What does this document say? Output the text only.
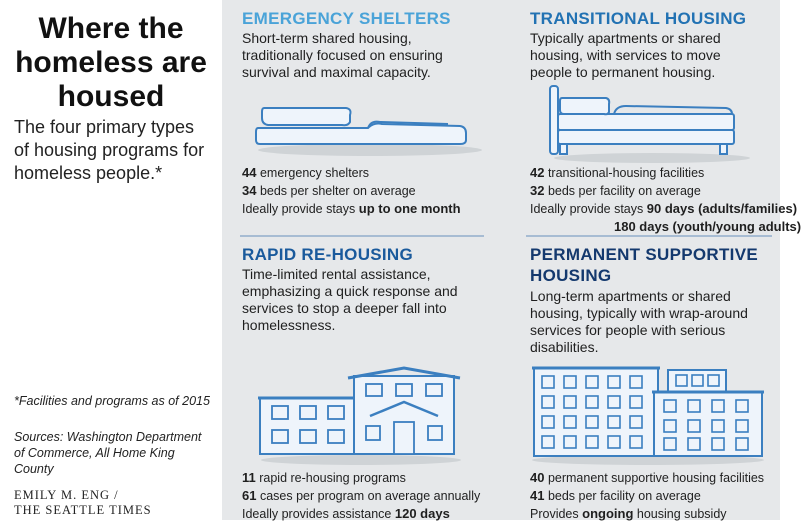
Where the homeless are housed
The four primary types of housing programs for homeless people.*
*Facilities and programs as of 2015
Sources: Washington Department of Commerce, All Home King County
EMILY M. ENG /
THE SEATTLE TIMES
EMERGENCY SHELTERS
Short-term shared housing, traditionally focused on ensuring survival and maximal capacity.
44 emergency shelters
34 beds per shelter on average
Ideally provide stays up to one month
TRANSITIONAL HOUSING
Typically apartments or shared housing, with services to move people to permanent housing.
42 transitional-housing facilities
32 beds per facility on average
Ideally provide stays 90 days (adults/families)
180 days (youth/young adults)
RAPID RE-HOUSING
Time-limited rental assistance, emphasizing a quick response and services to stop a deeper fall into homelessness.
11 rapid re-housing programs
61 cases per program on average annually
Ideally provides assistance 120 days
PERMANENT SUPPORTIVE
HOUSING
Long-term apartments or shared housing, typically with wrap-around services for people with serious disabilities.
40 permanent supportive housing facilities
41 beds per facility on average
Provides ongoing housing subsidy
